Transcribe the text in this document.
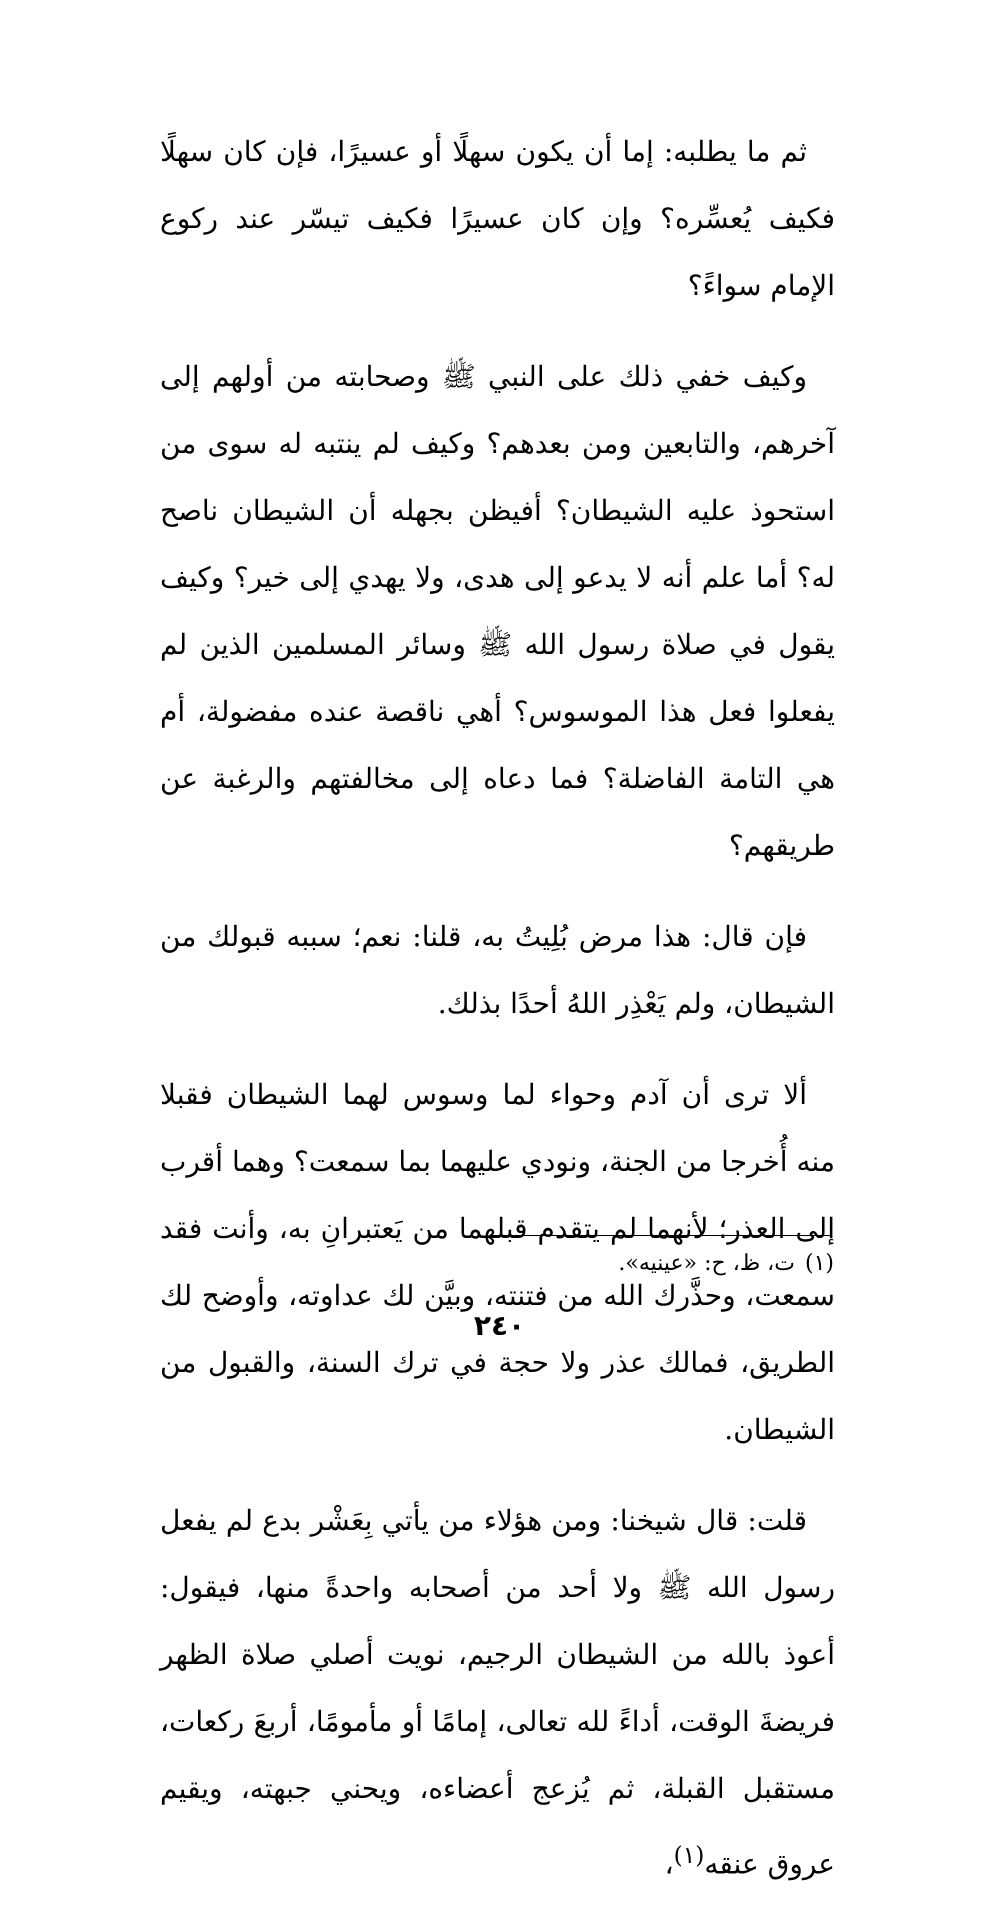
ثم ما يطلبه: إما أن يكون سهلًا أو عسيرًا، فإن كان سهلًا فكيف يُعسِّره؟ وإن كان عسيرًا فكيف تيسّر عند ركوع الإمام سواءً؟

وكيف خفي ذلك على النبي ﷺ وصحابته من أولهم إلى آخرهم، والتابعين ومن بعدهم؟ وكيف لم ينتبه له سوى من استحوذ عليه الشيطان؟ أفيظن بجهله أن الشيطان ناصح له؟ أما علم أنه لا يدعو إلى هدى، ولا يهدي إلى خير؟ وكيف يقول في صلاة رسول الله ﷺ وسائر المسلمين الذين لم يفعلوا فعل هذا الموسوس؟ أهي ناقصة عنده مفضولة، أم هي التامة الفاضلة؟ فما دعاه إلى مخالفتهم والرغبة عن طريقهم؟

فإن قال: هذا مرض بُلِيتُ به، قلنا: نعم؛ سببه قبولك من الشيطان، ولم يَعْذِر اللهُ أحدًا بذلك.

ألا ترى أن آدم وحواء لما وسوس لهما الشيطان فقبلا منه أُخرجا من الجنة، ونودي عليهما بما سمعت؟ وهما أقرب إلى العذر؛ لأنهما لم يتقدم قبلهما من يَعتبرانِ به، وأنت فقد سمعت، وحذَّرك الله من فتنته، وبيَّن لك عداوته، وأوضح لك الطريق، فمالك عذر ولا حجة في ترك السنة، والقبول من الشيطان.

قلت: قال شيخنا: ومن هؤلاء من يأتي بِعَشْر بدع لم يفعل رسول الله ﷺ ولا أحد من أصحابه واحدةً منها، فيقول: أعوذ بالله من الشيطان الرجيم، نويت أصلي صلاة الظهر فريضةَ الوقت، أداءً لله تعالى، إمامًا أو مأمومًا، أربعَ ركعات، مستقبل القبلة، ثم يُزعج أعضاءه، ويحني جبهته، ويقيم عروق عنقه$^{(١)}$،

(١)ت، ظ، ح: «عينيه».
٢٤٠
